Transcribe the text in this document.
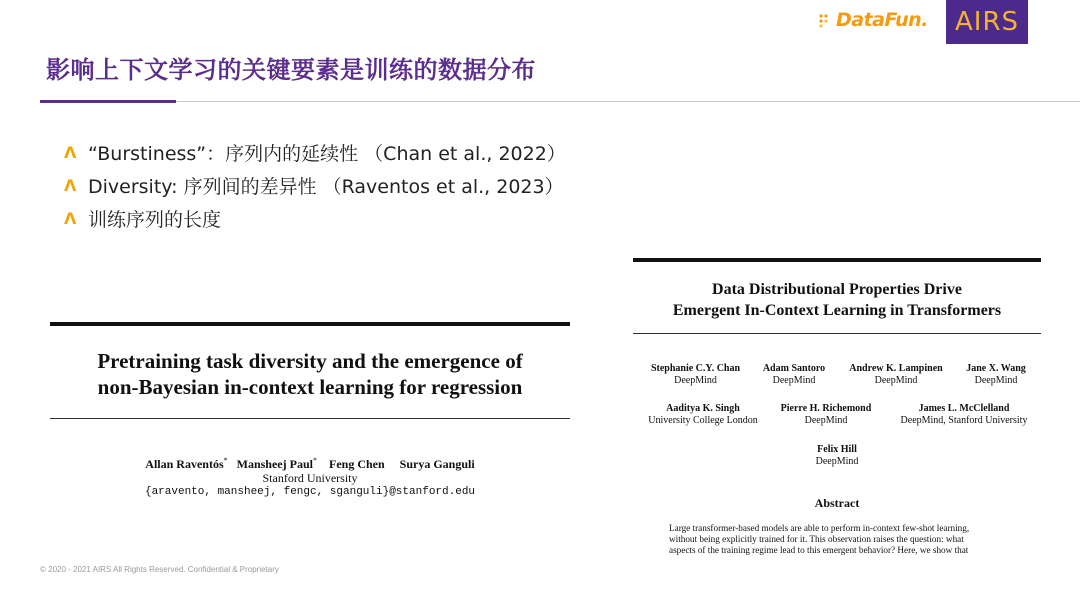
DataFun. AIRS
影响上下文学习的关键要素是训练的数据分布
Λ “Burstiness”：序列内的延续性 （Chan et al., 2022）
Λ Diversity: 序列间的差异性 （Raventos et al., 2023）
Λ 训练序列的长度
Pretraining task diversity and the emergence of
non-Bayesian in-context learning for regression
Allan Raventós* Mansheej Paul* Feng Chen Surya Ganguli
Stanford University
{aravento, mansheej, fengc, sganguli}@stanford.edu
Data Distributional Properties Drive
Emergent In-Context Learning in Transformers
Stephanie C.Y. Chan
DeepMind
Adam Santoro
DeepMind
Andrew K. Lampinen
DeepMind
Jane X. Wang
DeepMind
Aaditya K. Singh
University College London
Pierre H. Richemond
DeepMind
James L. McClelland
DeepMind, Stanford University
Felix Hill
DeepMind
Abstract
Large transformer-based models are able to perform in-context few-shot learning,
without being explicitly trained for it. This observation raises the question: what
aspects of the training regime lead to this emergent behavior? Here, we show that
© 2020 - 2021 AIRS All Rights Reserved. Confidential & Proprietary
